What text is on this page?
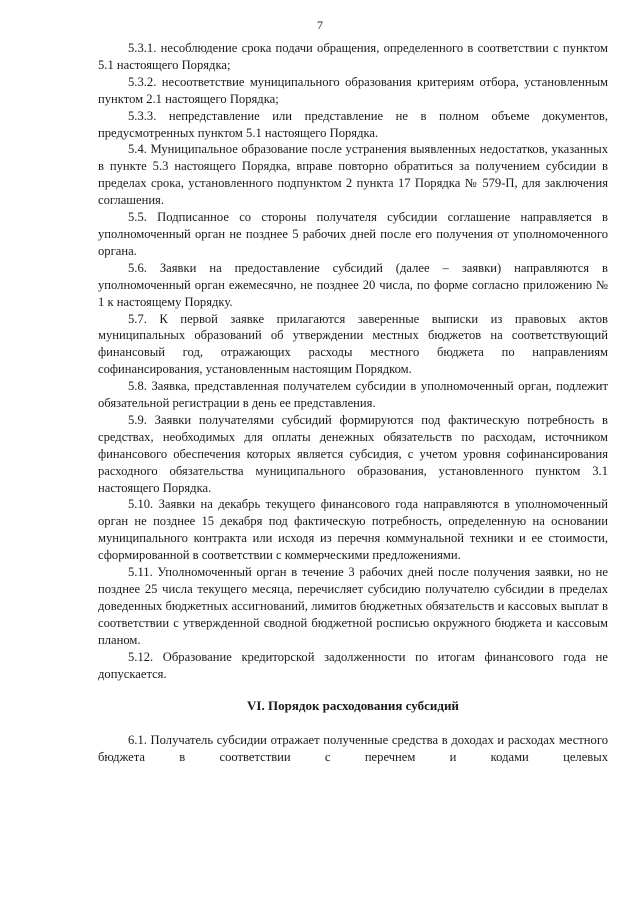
7

5.3.1. несоблюдение срока подачи обращения, определенного в соответствии с пунктом 5.1 настоящего Порядка;

5.3.2. несоответствие муниципального образования критериям отбора, установленным пунктом 2.1 настоящего Порядка;

5.3.3. непредставление или представление не в полном объеме документов, предусмотренных пунктом 5.1 настоящего Порядка.

5.4. Муниципальное образование после устранения выявленных недостатков, указанных в пункте 5.3 настоящего Порядка, вправе повторно обратиться за получением субсидии в пределах срока, установленного подпунктом 2 пункта 17 Порядка № 579-П, для заключения соглашения.

5.5. Подписанное со стороны получателя субсидии соглашение направляется в уполномоченный орган не позднее 5 рабочих дней после его получения от уполномоченного органа.

5.6. Заявки на предоставление субсидий (далее – заявки) направляются в уполномоченный орган ежемесячно, не позднее 20 числа, по форме согласно приложению № 1 к настоящему Порядку.

5.7. К первой заявке прилагаются заверенные выписки из правовых актов муниципальных образований об утверждении местных бюджетов на соответствующий финансовый год, отражающих расходы местного бюджета по направлениям софинансирования, установленным настоящим Порядком.

5.8. Заявка, представленная получателем субсидии в уполномоченный орган, подлежит обязательной регистрации в день ее представления.

5.9. Заявки получателями субсидий формируются под фактическую потребность в средствах, необходимых для оплаты денежных обязательств по расходам, источником финансового обеспечения которых является субсидия, с учетом уровня софинансирования расходного обязательства муниципального образования, установленного пунктом 3.1 настоящего Порядка.

5.10. Заявки на декабрь текущего финансового года направляются в уполномоченный орган не позднее 15 декабря под фактическую потребность, определенную на основании муниципального контракта или исходя из перечня коммунальной техники и ее стоимости, сформированной в соответствии с коммерческими предложениями.

5.11. Уполномоченный орган в течение 3 рабочих дней после получения заявки, но не позднее 25 числа текущего месяца, перечисляет субсидию получателю субсидии в пределах доведенных бюджетных ассигнований, лимитов бюджетных обязательств и кассовых выплат в соответствии с утвержденной сводной бюджетной росписью окружного бюджета и кассовым планом.

5.12. Образование кредиторской задолженности по итогам финансового года не допускается.

VI. Порядок расходования субсидий

6.1. Получатель субсидии отражает полученные средства в доходах и расходах местного бюджета в соответствии с перечнем и кодами целевых
